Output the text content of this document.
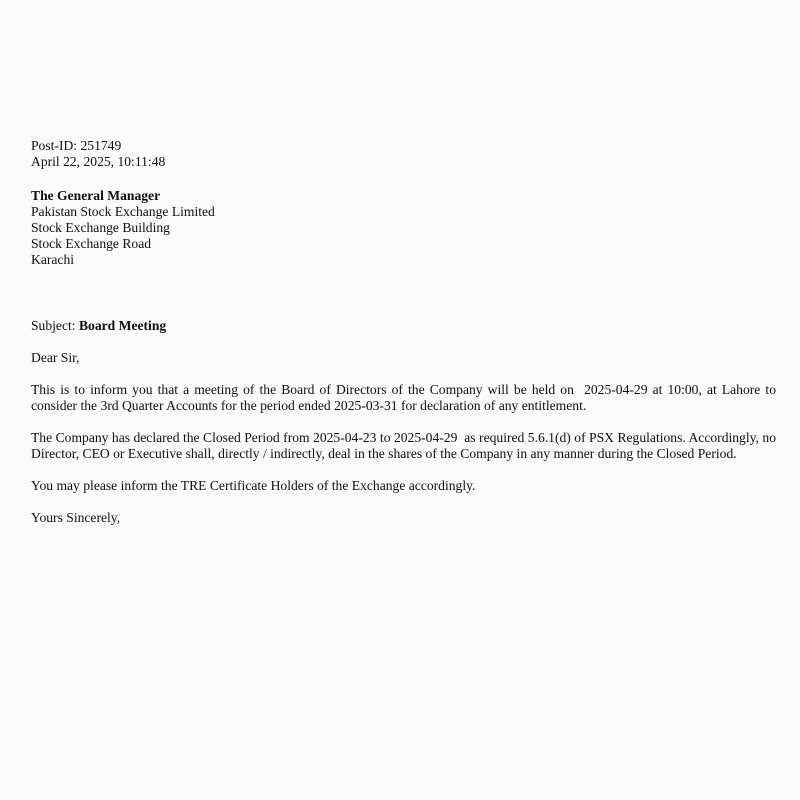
Post-ID: 251749
April 22, 2025, 10:11:48
The General Manager
Pakistan Stock Exchange Limited
Stock Exchange Building
Stock Exchange Road
Karachi

Subject: Board Meeting

Dear Sir,

This is to inform you that a meeting of the Board of Directors of the Company will be held on  2025-04-29 at 10:00, at Lahore to consider the 3rd Quarter Accounts for the period ended 2025-03-31 for declaration of any entitlement.

The Company has declared the Closed Period from 2025-04-23 to 2025-04-29  as required 5.6.1(d) of PSX Regulations. Accordingly, no Director, CEO or Executive shall, directly / indirectly, deal in the shares of the Company in any manner during the Closed Period.

You may please inform the TRE Certificate Holders of the Exchange accordingly.

Yours Sincerely,
